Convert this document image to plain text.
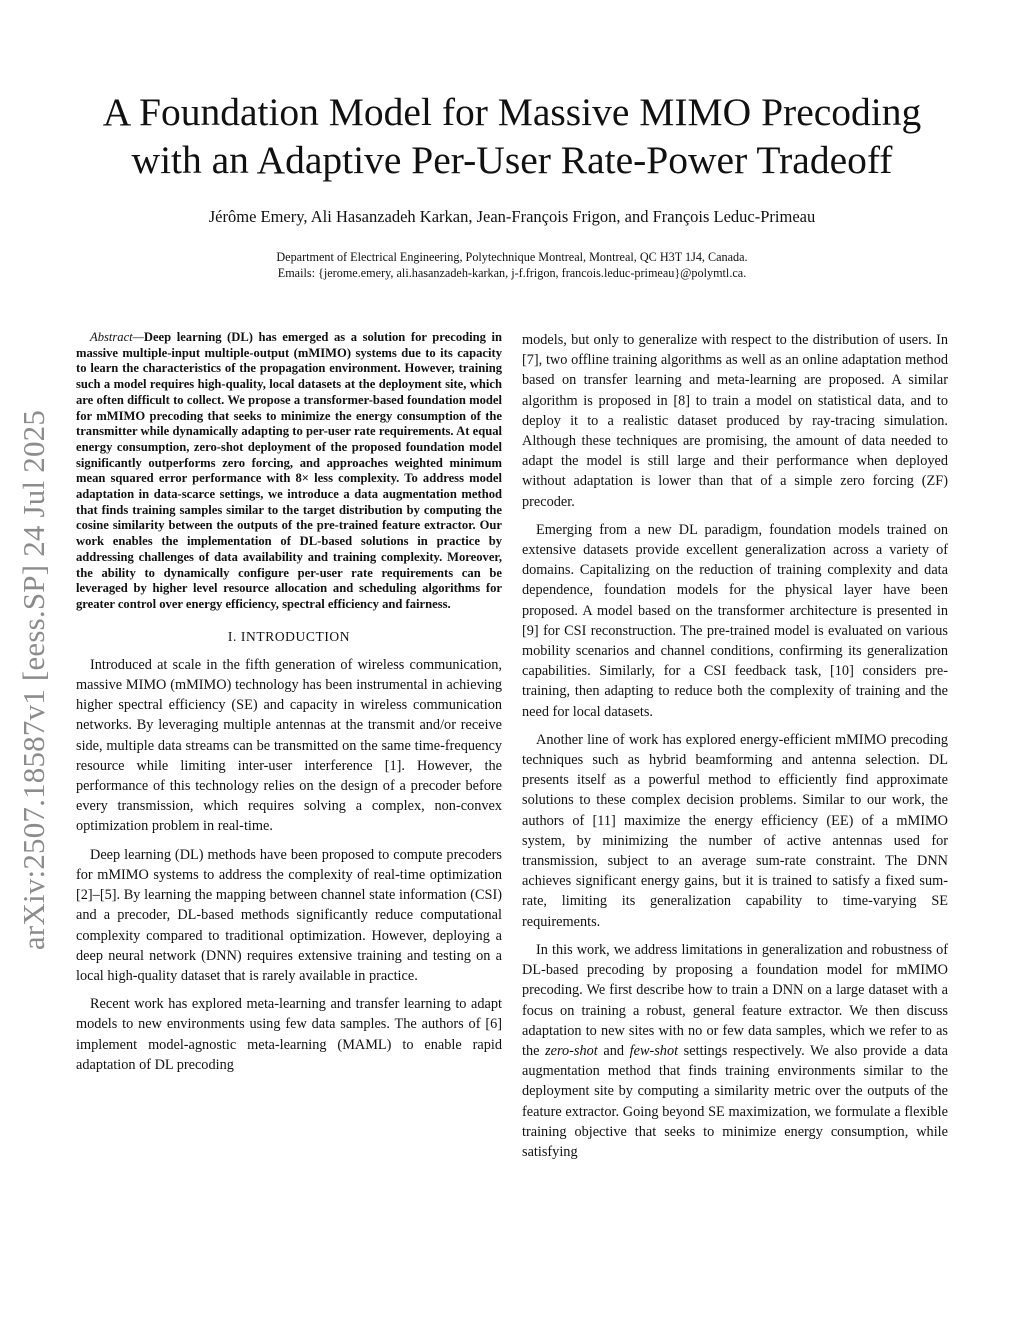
arXiv:2507.18587v1 [eess.SP] 24 Jul 2025
A Foundation Model for Massive MIMO Precoding
with an Adaptive Per-User Rate-Power Tradeoff
Jérôme Emery, Ali Hasanzadeh Karkan, Jean-François Frigon, and François Leduc-Primeau
Department of Electrical Engineering, Polytechnique Montreal, Montreal, QC H3T 1J4, Canada.
Emails: {jerome.emery, ali.hasanzadeh-karkan, j-f.frigon, francois.leduc-primeau}@polymtl.ca.

Abstract—Deep learning (DL) has emerged as a solution for precoding in massive multiple-input multiple-output (mMIMO) systems due to its capacity to learn the characteristics of the propagation environment. However, training such a model requires high-quality, local datasets at the deployment site, which are often difficult to collect. We propose a transformer-based foundation model for mMIMO precoding that seeks to minimize the energy consumption of the transmitter while dynamically adapting to per-user rate requirements. At equal energy consumption, zero-shot deployment of the proposed foundation model significantly outperforms zero forcing, and approaches weighted minimum mean squared error performance with 8× less complexity. To address model adaptation in data-scarce settings, we introduce a data augmentation method that finds training samples similar to the target distribution by computing the cosine similarity between the outputs of the pre-trained feature extractor. Our work enables the implementation of DL-based solutions in practice by addressing challenges of data availability and training complexity. Moreover, the ability to dynamically configure per-user rate requirements can be leveraged by higher level resource allocation and scheduling algorithms for greater control over energy efficiency, spectral efficiency and fairness.

I. INTRODUCTION

Introduced at scale in the fifth generation of wireless communication, massive MIMO (mMIMO) technology has been instrumental in achieving higher spectral efficiency (SE) and capacity in wireless communication networks. By leveraging multiple antennas at the transmit and/or receive side, multiple data streams can be transmitted on the same time-frequency resource while limiting inter-user interference [1]. However, the performance of this technology relies on the design of a precoder before every transmission, which requires solving a complex, non-convex optimization problem in real-time.

Deep learning (DL) methods have been proposed to compute precoders for mMIMO systems to address the complexity of real-time optimization [2]–[5]. By learning the mapping between channel state information (CSI) and a precoder, DL-based methods significantly reduce computational complexity compared to traditional optimization. However, deploying a deep neural network (DNN) requires extensive training and testing on a local high-quality dataset that is rarely available in practice.

Recent work has explored meta-learning and transfer learning to adapt models to new environments using few data samples. The authors of [6] implement model-agnostic meta-learning (MAML) to enable rapid adaptation of DL precoding

models, but only to generalize with respect to the distribution of users. In [7], two offline training algorithms as well as an online adaptation method based on transfer learning and meta-learning are proposed. A similar algorithm is proposed in [8] to train a model on statistical data, and to deploy it to a realistic dataset produced by ray-tracing simulation. Although these techniques are promising, the amount of data needed to adapt the model is still large and their performance when deployed without adaptation is lower than that of a simple zero forcing (ZF) precoder.

Emerging from a new DL paradigm, foundation models trained on extensive datasets provide excellent generalization across a variety of domains. Capitalizing on the reduction of training complexity and data dependence, foundation models for the physical layer have been proposed. A model based on the transformer architecture is presented in [9] for CSI reconstruction. The pre-trained model is evaluated on various mobility scenarios and channel conditions, confirming its generalization capabilities. Similarly, for a CSI feedback task, [10] considers pre-training, then adapting to reduce both the complexity of training and the need for local datasets.

Another line of work has explored energy-efficient mMIMO precoding techniques such as hybrid beamforming and antenna selection. DL presents itself as a powerful method to efficiently find approximate solutions to these complex decision problems. Similar to our work, the authors of [11] maximize the energy efficiency (EE) of a mMIMO system, by minimizing the number of active antennas used for transmission, subject to an average sum-rate constraint. The DNN achieves significant energy gains, but it is trained to satisfy a fixed sum-rate, limiting its generalization capability to time-varying SE requirements.

In this work, we address limitations in generalization and robustness of DL-based precoding by proposing a foundation model for mMIMO precoding. We first describe how to train a DNN on a large dataset with a focus on training a robust, general feature extractor. We then discuss adaptation to new sites with no or few data samples, which we refer to as the zero-shot and few-shot settings respectively. We also provide a data augmentation method that finds training environments similar to the deployment site by computing a similarity metric over the outputs of the feature extractor. Going beyond SE maximization, we formulate a flexible training objective that seeks to minimize energy consumption, while satisfying
